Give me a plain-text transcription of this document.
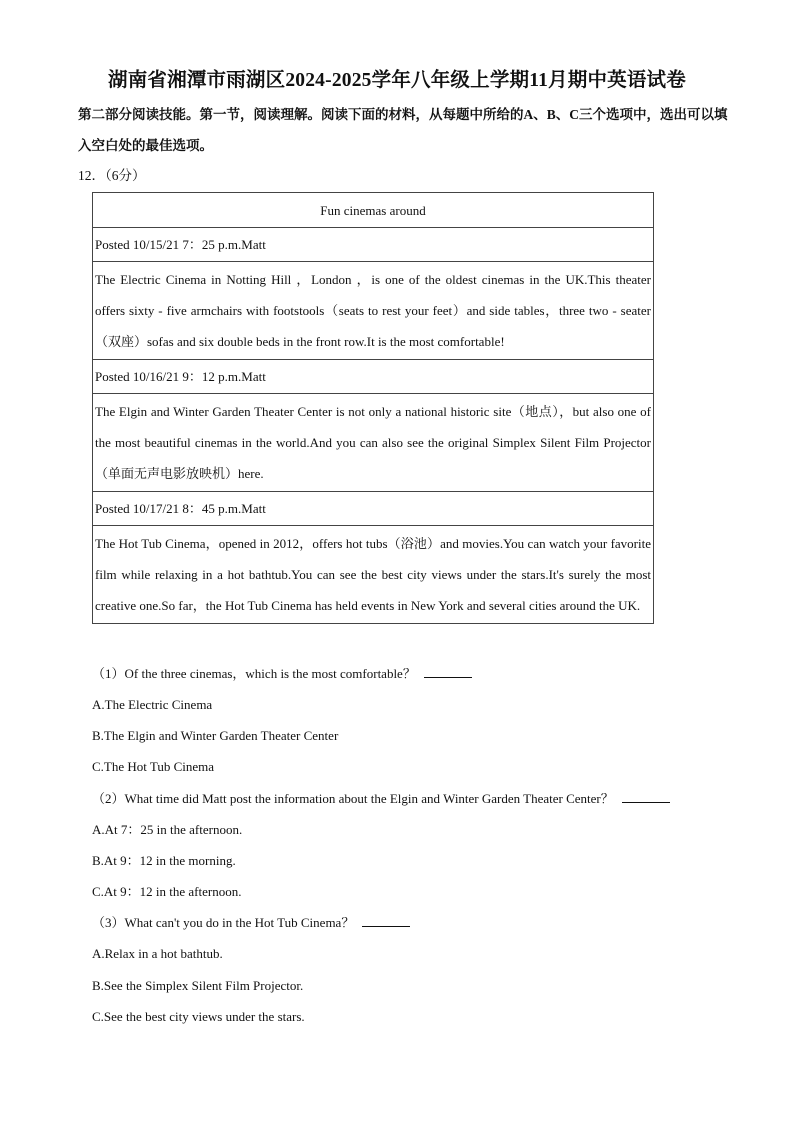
湖南省湘潭市雨湖区2024-2025学年八年级上学期11月期中英语试卷
第二部分阅读技能。第一节，阅读理解。阅读下面的材料，从每题中所给的A、B、C三个选项中，选出可以填入空白处的最佳选项。
12．（6分）
Fun cinemas around
Posted 10/15/21 7：25 p.m.Matt
The Electric Cinema in Notting Hill ，London ，is one of the oldest cinemas in the UK.This theater offers sixty - five armchairs with footstools（seats to rest your feet）and side tables，three two - seater（双座）sofas and six double beds in the front row.It is the most comfortable!
Posted 10/16/21 9：12 p.m.Matt
The Elgin and Winter Garden Theater Center is not only a national historic site（地点），but also one of the most beautiful cinemas in the world.And you can also see the original Simplex Silent Film Projector（单面无声电影放映机）here.
Posted 10/17/21 8：45 p.m.Matt
The Hot Tub Cinema，opened in 2012，offers hot tubs（浴池）and movies.You can watch your favorite film while relaxing in a hot bathtub.You can see the best city views under the stars.It's surely the most creative one.So far，the Hot Tub Cinema has held events in New York and several cities around the UK.
（1）Of the three cinemas，which is the most comfortable？
A.The Electric Cinema
B.The Elgin and Winter Garden Theater Center
C.The Hot Tub Cinema
（2）What time did Matt post the information about the Elgin and Winter Garden Theater Center？
A.At 7：25 in the afternoon.
B.At 9：12 in the morning.
C.At 9：12 in the afternoon.
（3）What can't you do in the Hot Tub Cinema？
A.Relax in a hot bathtub.
B.See the Simplex Silent Film Projector.
C.See the best city views under the stars.
